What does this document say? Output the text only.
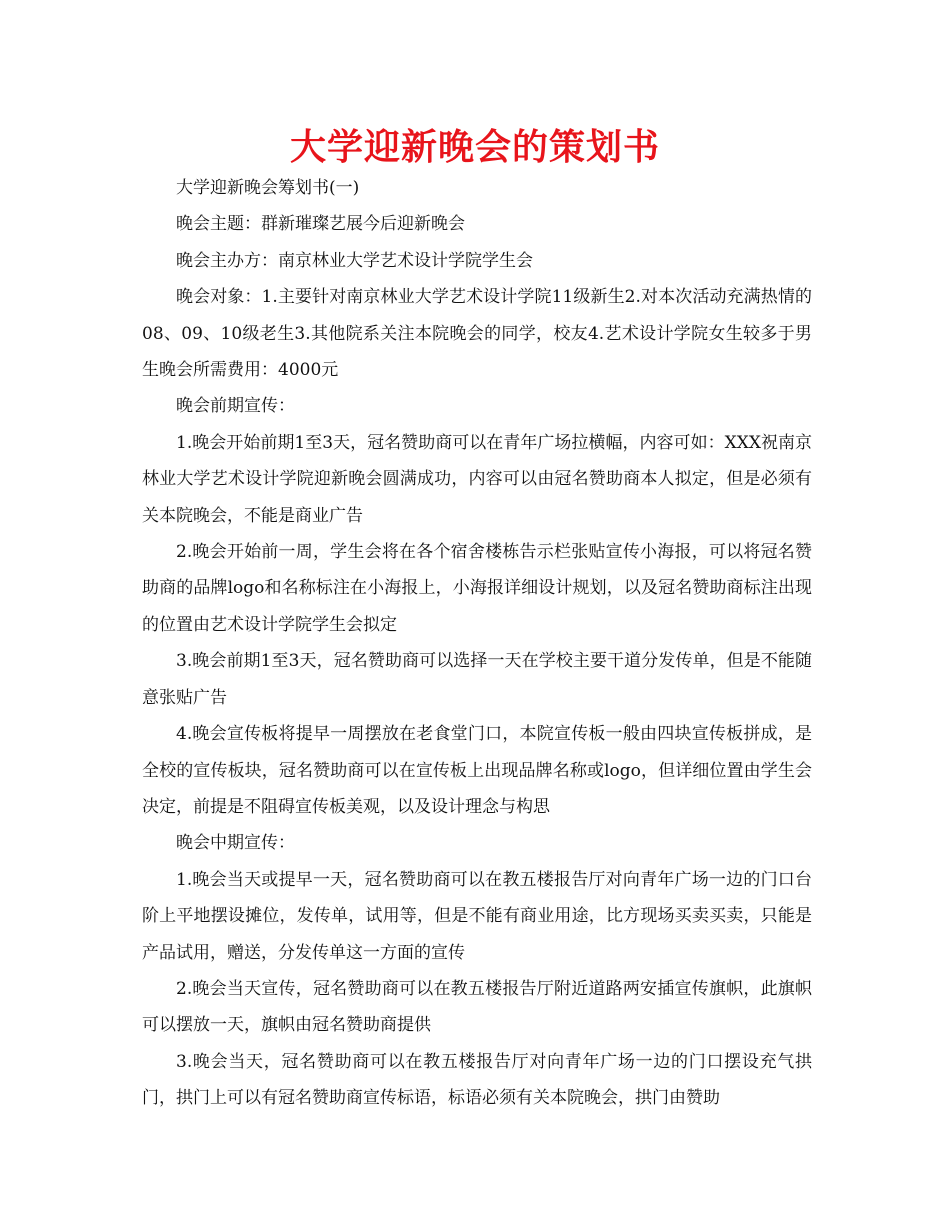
大学迎新晚会的策划书

大学迎新晚会筹划书(一)

晚会主题：群新璀璨艺展今后迎新晚会

晚会主办方：南京林业大学艺术设计学院学生会

晚会对象：1.主要针对南京林业大学艺术设计学院11级新生2.对本次活动充满热情的08、09、10级老生3.其他院系关注本院晚会的同学，校友4.艺术设计学院女生较多于男生晚会所需费用：4000元

晚会前期宣传：

1.晚会开始前期1至3天，冠名赞助商可以在青年广场拉横幅，内容可如：XXX祝南京林业大学艺术设计学院迎新晚会圆满成功，内容可以由冠名赞助商本人拟定，但是必须有关本院晚会，不能是商业广告

2.晚会开始前一周，学生会将在各个宿舍楼栋告示栏张贴宣传小海报，可以将冠名赞助商的品牌logo和名称标注在小海报上，小海报详细设计规划，以及冠名赞助商标注出现的位置由艺术设计学院学生会拟定

3.晚会前期1至3天，冠名赞助商可以选择一天在学校主要干道分发传单，但是不能随意张贴广告

4.晚会宣传板将提早一周摆放在老食堂门口，本院宣传板一般由四块宣传板拼成，是全校的宣传板块，冠名赞助商可以在宣传板上出现品牌名称或logo，但详细位置由学生会决定，前提是不阻碍宣传板美观，以及设计理念与构思

晚会中期宣传：

1.晚会当天或提早一天，冠名赞助商可以在教五楼报告厅对向青年广场一边的门口台阶上平地摆设摊位，发传单，试用等，但是不能有商业用途，比方现场买卖买卖，只能是产品试用，赠送，分发传单这一方面的宣传

2.晚会当天宣传，冠名赞助商可以在教五楼报告厅附近道路两安插宣传旗帜，此旗帜可以摆放一天，旗帜由冠名赞助商提供

3.晚会当天，冠名赞助商可以在教五楼报告厅对向青年广场一边的门口摆设充气拱门，拱门上可以有冠名赞助商宣传标语，标语必须有关本院晚会，拱门由赞助
